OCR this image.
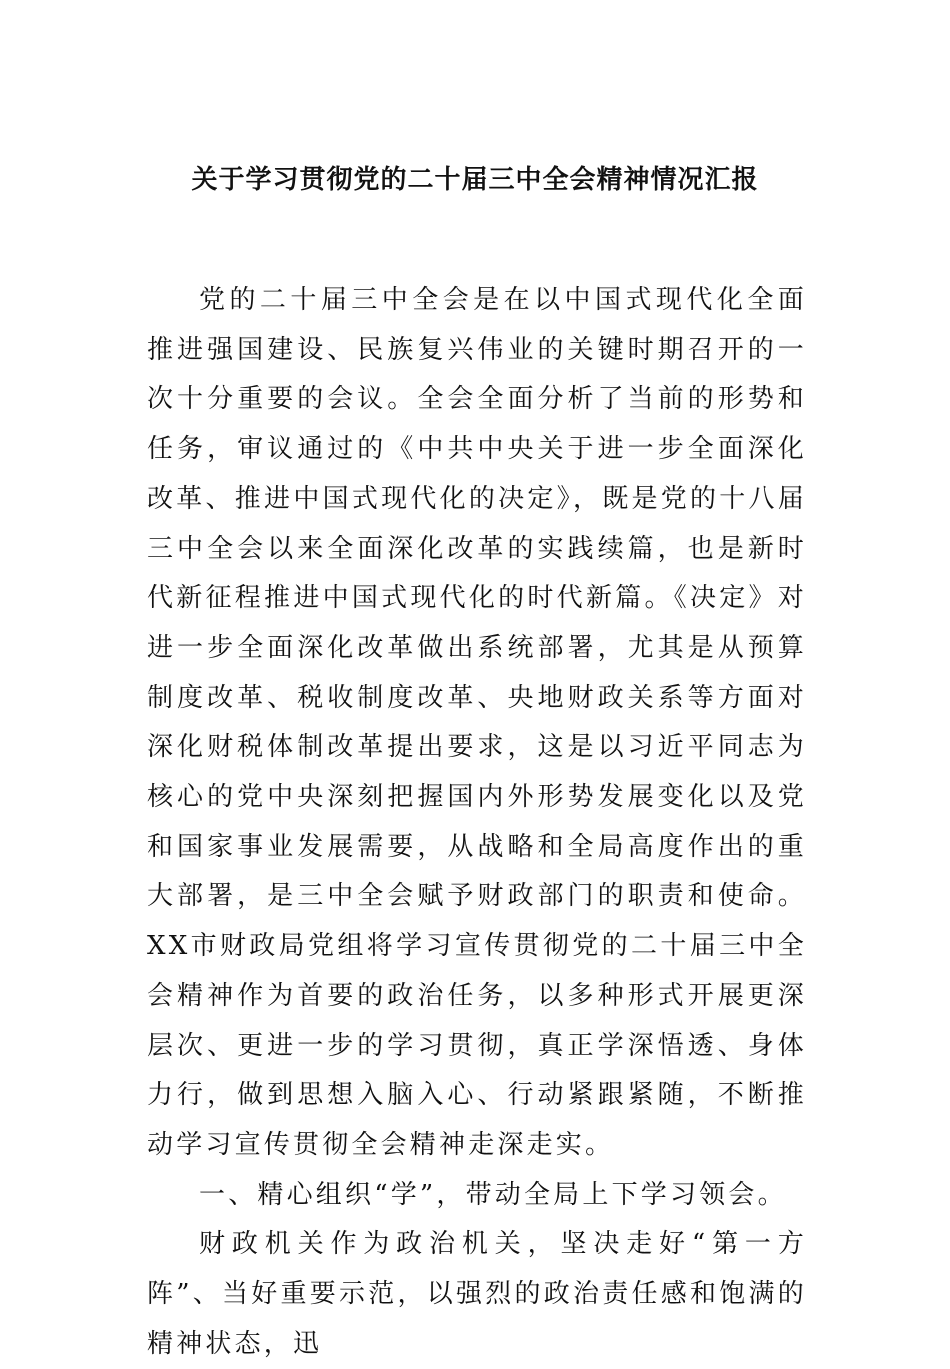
关于学习贯彻党的二十届三中全会精神情况汇报

党的二十届三中全会是在以中国式现代化全面推进强国建设、民族复兴伟业的关键时期召开的一次十分重要的会议。全会全面分析了当前的形势和任务，审议通过的《中共中央关于进一步全面深化改革、推进中国式现代化的决定》，既是党的十八届三中全会以来全面深化改革的实践续篇，也是新时代新征程推进中国式现代化的时代新篇。《决定》对进一步全面深化改革做出系统部署，尤其是从预算制度改革、税收制度改革、央地财政关系等方面对深化财税体制改革提出要求，这是以习近平同志为核心的党中央深刻把握国内外形势发展变化以及党和国家事业发展需要，从战略和全局高度作出的重大部署，是三中全会赋予财政部门的职责和使命。XX市财政局党组将学习宣传贯彻党的二十届三中全会精神作为首要的政治任务，以多种形式开展更深层次、更进一步的学习贯彻，真正学深悟透、身体力行，做到思想入脑入心、行动紧跟紧随，不断推动学习宣传贯彻全会精神走深走实。

一、精心组织“学”，带动全局上下学习领会。

财政机关作为政治机关，坚决走好“第一方阵”、当好重要示范，以强烈的政治责任感和饱满的精神状态，迅
